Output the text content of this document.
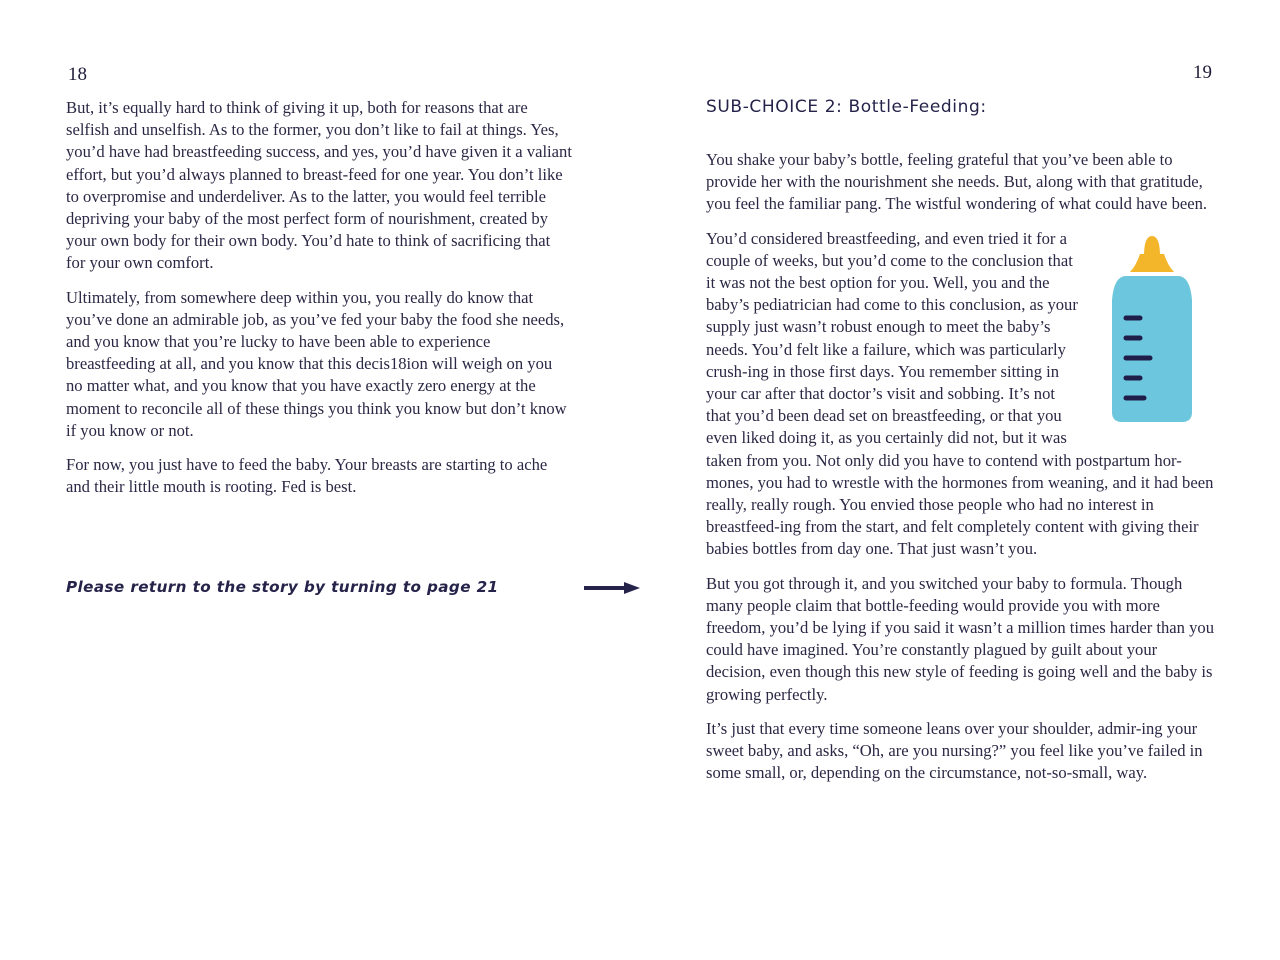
18	19

But, it’s equally hard to think of giving it up, both for reasons that are selfish and unselfish. As to the former, you don’t like to fail at things. Yes, you’d have had breastfeeding success, and yes, you’d have given it a valiant effort, but you’d always planned to breast-feed for one year. You don’t like to overpromise and underdeliver. As to the latter, you would feel terrible depriving your baby of the most perfect form of nourishment, created by your own body for their own body. You’d hate to think of sacrificing that for your own comfort.

Ultimately, from somewhere deep within you, you really do know that you’ve done an admirable job, as you’ve fed your baby the food she needs, and you know that you’re lucky to have been able to experience breastfeeding at all, and you know that this decis18ion will weigh on you no matter what, and you know that you have exactly zero energy at the moment to reconcile all of these things you think you know but don’t know if you know or not.

For now, you just have to feed the baby. Your breasts are starting to ache and their little mouth is rooting. Fed is best.

Please return to the story by turning to page 21
SUB-CHOICE 2: Bottle-Feeding:

You shake your baby’s bottle, feeling grateful that you’ve been able to provide her with the nourishment she needs. But, along with that gratitude, you feel the familiar pang. The wistful wondering of what could have been.

You’d considered breastfeeding, and even tried it for a couple of weeks, but you’d come to the conclusion that it was not the best option for you. Well, you and the baby’s pediatrician had come to this conclusion, as your supply just wasn’t robust enough to meet the baby’s needs. You’d felt like a failure, which was particularly crush-ing in those first days. You remember sitting in your car after that doctor’s visit and sobbing. It’s not that you’d been dead set on breastfeeding, or that you even liked doing it, as you certainly did not, but it was taken from you. Not only did you have to contend with postpartum hor-mones, you had to wrestle with the hormones from weaning, and it had been really, really rough. You envied those people who had no interest in breastfeed-ing from the start, and felt completely content with giving their babies bottles from day one. That just wasn’t you.

But you got through it, and you switched your baby to formula. Though many people claim that bottle-feeding would provide you with more freedom, you’d be lying if you said it wasn’t a million times harder than you could have imagined. You’re constantly plagued by guilt about your decision, even though this new style of feeding is going well and the baby is growing perfectly.

It’s just that every time someone leans over your shoulder, admir-ing your sweet baby, and asks, “Oh, are you nursing?” you feel like you’ve failed in some small, or, depending on the circumstance, not-so-small, way.
